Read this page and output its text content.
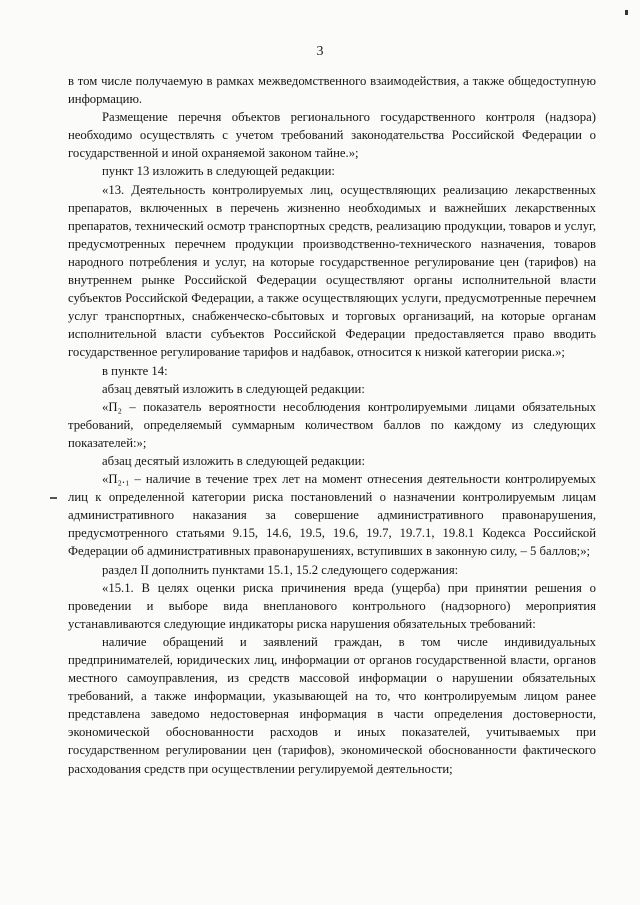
3

в том числе получаемую в рамках межведомственного взаимодействия, а также общедоступную информацию.

Размещение перечня объектов регионального государственного контроля (надзора) необходимо осуществлять с учетом требований законодательства Российской Федерации о государственной и иной охраняемой законом тайне.»;

пункт 13 изложить в следующей редакции:

«13. Деятельность контролируемых лиц, осуществляющих реализацию лекарственных препаратов, включенных в перечень жизненно необходимых и важнейших лекарственных препаратов, технический осмотр транспортных средств, реализацию продукции, товаров и услуг, предусмотренных перечнем продукции производственно-технического назначения, товаров народного потребления и услуг, на которые государственное регулирование цен (тарифов) на внутреннем рынке Российской Федерации осуществляют органы исполнительной власти субъектов Российской Федерации, а также осуществляющих услуги, предусмотренные перечнем услуг транспортных, снабженческо-сбытовых и торговых организаций, на которые органам исполнительной власти субъектов Российской Федерации предоставляется право вводить государственное регулирование тарифов и надбавок, относится к низкой категории риска.»;

в пункте 14:

абзац девятый изложить в следующей редакции:

«П₂ – показатель вероятности несоблюдения контролируемыми лицами обязательных требований, определяемый суммарным количеством баллов по каждому из следующих показателей:»;

абзац десятый изложить в следующей редакции:

«П₂.₁ – наличие в течение трех лет на момент отнесения деятельности контролируемых лиц к определенной категории риска постановлений о назначении контролируемым лицам административного наказания за совершение административного правонарушения, предусмотренного статьями 9.15, 14.6, 19.5, 19.6, 19.7, 19.7.1, 19.8.1 Кодекса Российской Федерации об административных правонарушениях, вступивших в законную силу, – 5 баллов;»;

раздел II дополнить пунктами 15.1, 15.2 следующего содержания:

«15.1. В целях оценки риска причинения вреда (ущерба) при принятии решения о проведении и выборе вида внепланового контрольного (надзорного) мероприятия устанавливаются следующие индикаторы риска нарушения обязательных требований:

наличие обращений и заявлений граждан, в том числе индивидуальных предпринимателей, юридических лиц, информации от органов государственной власти, органов местного самоуправления, из средств массовой информации о нарушении обязательных требований, а также информации, указывающей на то, что контролируемым лицом ранее представлена заведомо недостоверная информация в части определения достоверности, экономической обоснованности расходов и иных показателей, учитываемых при государственном регулировании цен (тарифов), экономической обоснованности фактического расходования средств при осуществлении регулируемой деятельности;
